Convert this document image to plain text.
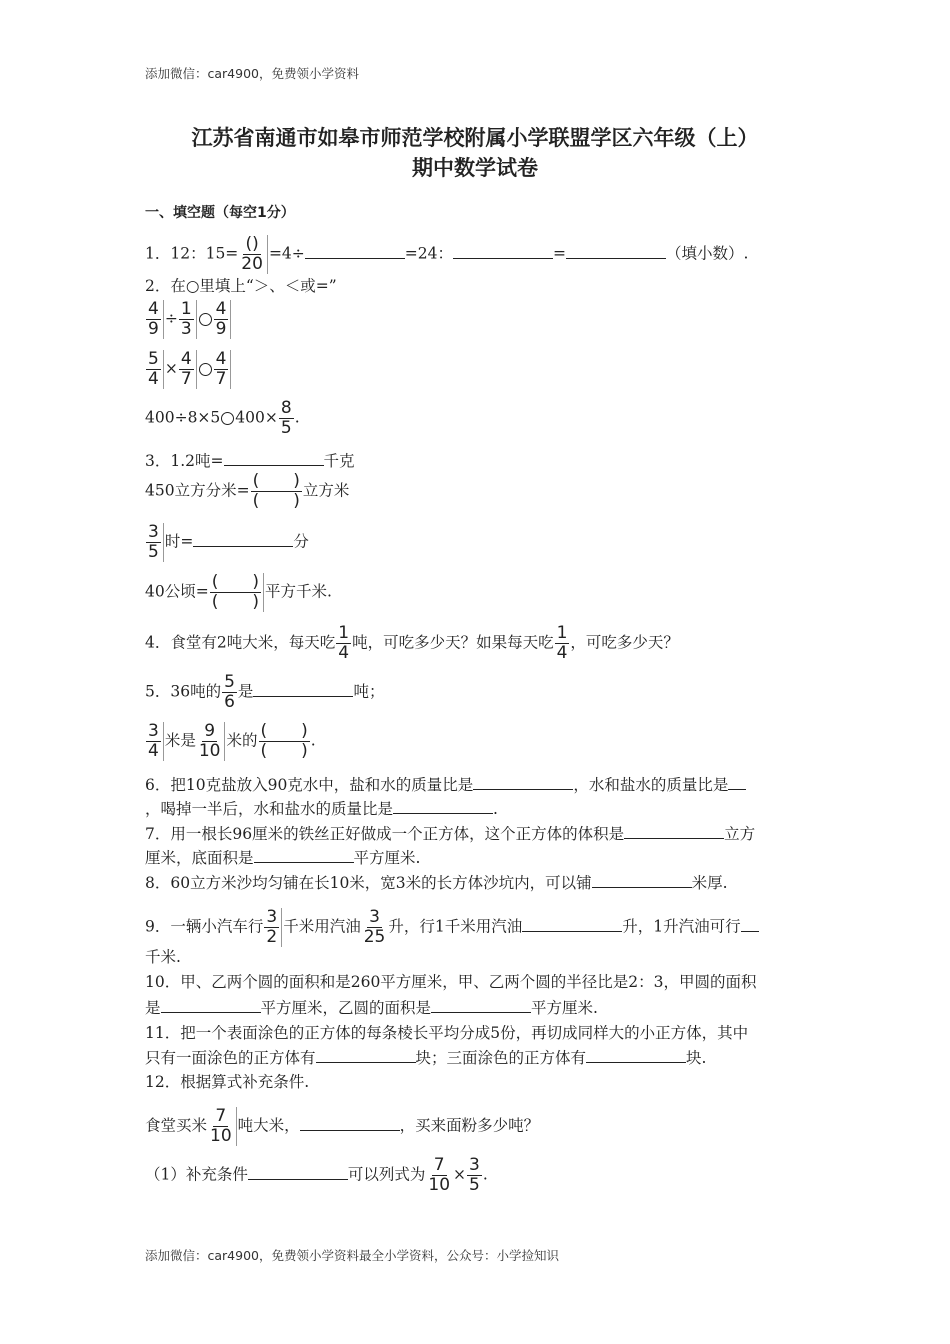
添加微信：car4900，免费领小学资料
江苏省南通市如皋市师范学校附属小学联盟学区六年级（上）
期中数学试卷
一、填空题（每空1分）
1．12：$15= \frac{()}{20} =4\div$	=24：	=	（填小数）.
2．在○里填上“＞、＜或=”
$\frac{4}{9} \div \frac{1}{3} \frac{4}{9}$
$\frac{5}{4} \times \frac{4}{7} \frac{4}{7}$
400÷8×5 $400\times \frac{8}{5}$ .
3．1.2吨=	千克
450立方分米= $\frac{( )}{( )}$ 立方米
$\frac{3}{5}$ 时=	分
40公顷= $\frac{( )}{( )}$ 平方千米.
4．食堂有2吨大米，每天吃 $\frac{1}{4}$ 吨，可吃多少天？如果每天吃 $\frac{1}{4}$ ，可吃多少天？
5．36吨的 $\frac{5}{6}$ 是	吨；
$\frac{3}{4}$ 米是 $\frac{9}{10}$ 米的 $\frac{( )}{( )}$ .
6．把10克盐放入90克水中，盐和水的质量比是	，水和盐水的质量比是
，喝掉一半后，水和盐水的质量比是	.
7．用一根长96厘米的铁丝正好做成一个正方体，这个正方体的体积是	立方
厘米，底面积是	平方厘米.
8．60立方米沙均匀铺在长10米，宽3米的长方体沙坑内，可以铺	米厚.
9．一辆小汽车行 $\frac{3}{2}$ 千米用汽油 $\frac{3}{25}$ 升，行1千米用汽油	升，1升汽油可行
千米.
10．甲、乙两个圆的面积和是260平方厘米，甲、乙两个圆的半径比是2：3，甲圆的面积
是	平方厘米，乙圆的面积是	平方厘米.
11．把一个表面涂色的正方体的每条棱长平均分成5份，再切成同样大的小正方体，其中
只有一面涂色的正方体有	块；三面涂色的正方体有	块.
12．根据算式补充条件.
食堂买米 $\frac{7}{10}$ 吨大米，	，买来面粉多少吨？
（1）补充条件	可以列式为 $\frac{7}{10} \times \frac{3}{5}$ .
添加微信：car4900，免费领小学资料最全小学资料，公众号：小学捡知识
